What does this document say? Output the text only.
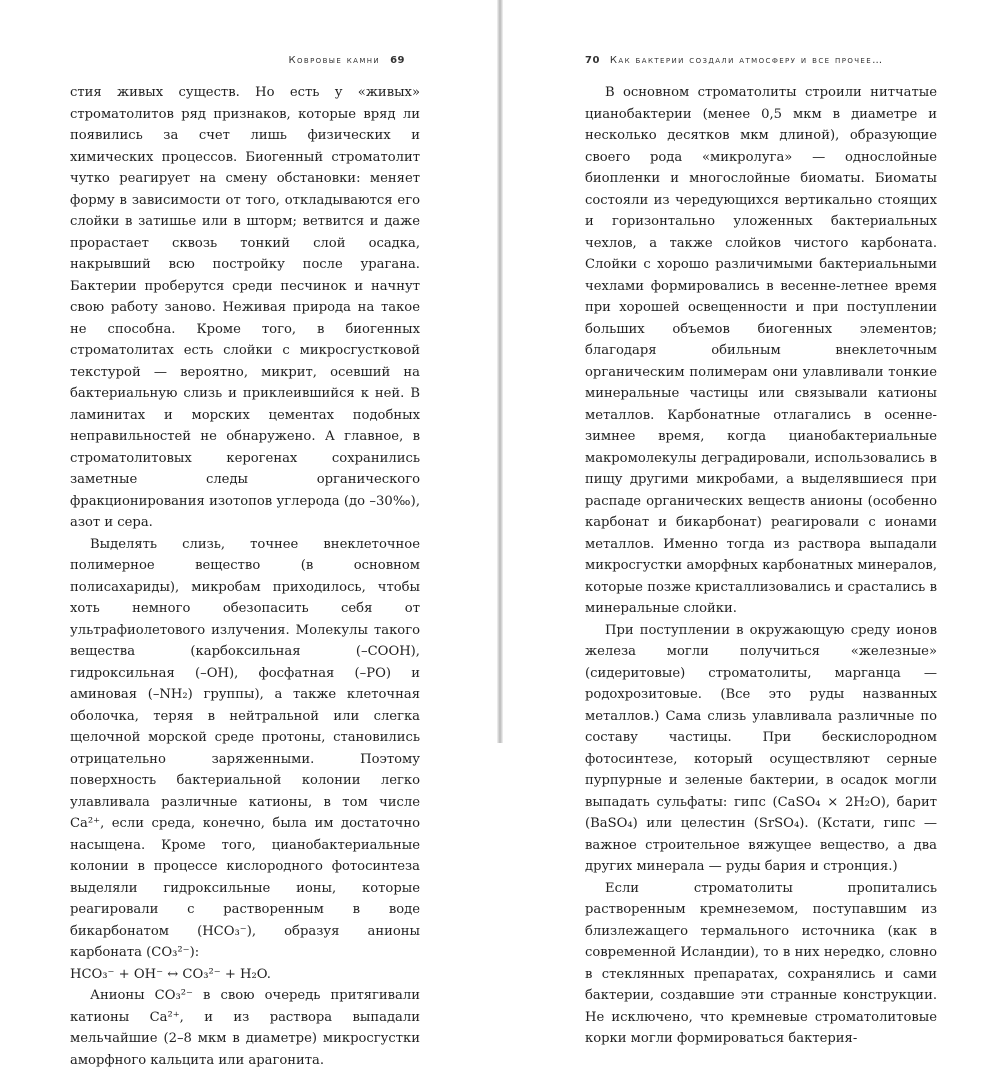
Ковровые камни 69

стия живых существ. Но есть у «живых» строматолитов ряд признаков, которые вряд ли появились за счет лишь физических и химических процессов. Биогенный строматолит чутко реагирует на смену обстановки: меняет форму в зависимости от того, откладываются его слойки в затишье или в шторм; ветвится и даже прорастает сквозь тонкий слой осадка, накрывший всю постройку после урагана. Бактерии проберутся среди песчинок и начнут свою работу заново. Неживая природа на такое не способна. Кроме того, в биогенных строматолитах есть слойки с микросгустковой текстурой — вероятно, микрит, осевший на бактериальную слизь и приклеившийся к ней. В ламинитах и морских цементах подобных неправильностей не обнаружено. А главное, в строматолитовых керогенах сохранились заметные следы органического фракционирования изотопов углерода (до –30‰), азот и сера.

Выделять слизь, точнее внеклеточное полимерное вещество (в основном полисахариды), микробам приходилось, чтобы хоть немного обезопасить себя от ультрафиолетового излучения. Молекулы такого вещества (карбоксильная (–COOH), гидроксильная (–OH), фосфатная (–PO) и аминовая (–NH₂) группы), а также клеточная оболочка, теряя в нейтральной или слегка щелочной морской среде протоны, становились отрицательно заряженными. Поэтому поверхность бактериальной колонии легко улавливала различные катионы, в том числе Ca²⁺, если среда, конечно, была им достаточно насыщена. Кроме того, цианобактериальные колонии в процессе кислородного фотосинтеза выделяли гидроксильные ионы, которые реагировали с растворенным в воде бикарбонатом (HCO₃⁻), образуя анионы карбоната (CO₃²⁻):

HCO₃⁻ + OH⁻ ↔ CO₃²⁻ + H₂O.

Анионы CO₃²⁻ в свою очередь притягивали катионы Ca²⁺, и из раствора выпадали мельчайшие (2–8 мкм в диаметре) микросгустки аморфного кальцита или арагонита.

70 Как бактерии создали атмосферу и все прочее…

В основном строматолиты строили нитчатые цианобактерии (менее 0,5 мкм в диаметре и несколько десятков мкм длиной), образующие своего рода «микролуга» — однослойные биопленки и многослойные биоматы. Биоматы состояли из чередующихся вертикально стоящих и горизонтально уложенных бактериальных чехлов, а также слойков чистого карбоната. Слойки с хорошо различимыми бактериальными чехлами формировались в весенне-летнее время при хорошей освещенности и при поступлении больших объемов биогенных элементов; благодаря обильным внеклеточным органическим полимерам они улавливали тонкие минеральные частицы или связывали катионы металлов. Карбонатные отлагались в осенне-зимнее время, когда цианобактериальные макромолекулы деградировали, использовались в пищу другими микробами, а выделявшиеся при распаде органических веществ анионы (особенно карбонат и бикарбонат) реагировали с ионами металлов. Именно тогда из раствора выпадали микросгустки аморфных карбонатных минералов, которые позже кристаллизовались и срастались в минеральные слойки.

При поступлении в окружающую среду ионов железа могли получиться «железные» (сидеритовые) строматолиты, марганца — родохрозитовые. (Все это руды названных металлов.) Сама слизь улавливала различные по составу частицы. При бескислородном фотосинтезе, который осуществляют серные пурпурные и зеленые бактерии, в осадок могли выпадать сульфаты: гипс (CaSO₄ × 2H₂O), барит (BaSO₄) или целестин (SrSO₄). (Кстати, гипс — важное строительное вяжущее вещество, а два других минерала — руды бария и стронция.)

Если строматолиты пропитались растворенным кремнеземом, поступавшим из близлежащего термального источника (как в современной Исландии), то в них нередко, словно в стеклянных препаратах, сохранялись и сами бактерии, создавшие эти странные конструкции. Не исключено, что кремневые строматолитовые корки могли формироваться бактерия-
